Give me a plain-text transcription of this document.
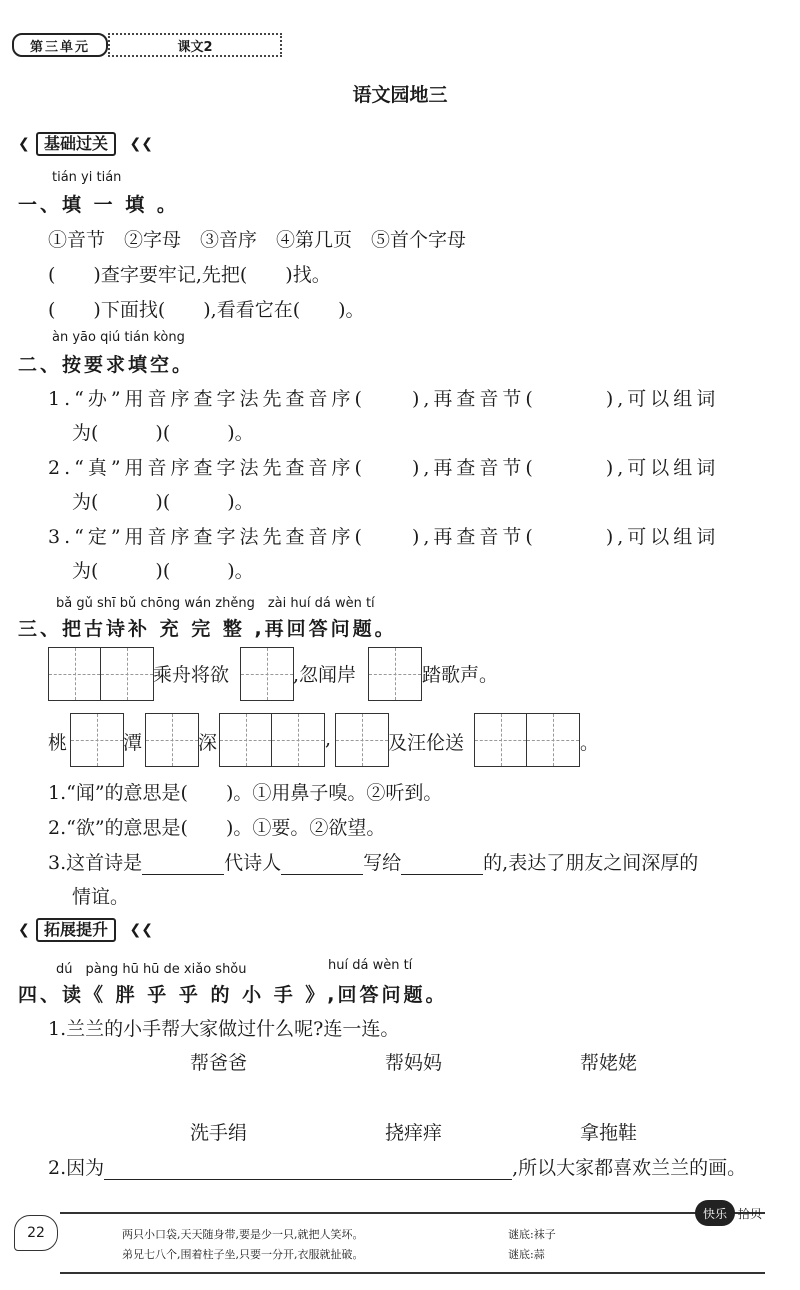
第三单元	课文2
语文园地三
❮ 基础过关	❮❮
tián yi tián
一、填 一 填 。
①音节　②字母　③音序　④第几页　⑤首个字母
(　　)查字要牢记,先把(　　)找。
(　　)下面找(　　),看看它在(　　)。
àn yāo qiú tián kòng
二、按要求填空。
1.“办”用音序查字法先查音序(　　),再查音节(　　　),可以组词
为(　　　)(　　　)。
2.“真”用音序查字法先查音序(　　),再查音节(　　　),可以组词
为(　　　)(　　　)。
3.“定”用音序查字法先查音序(　　),再查音节(　　　),可以组词
为(　　　)(　　　)。
bǎ gǔ shī bǔ chōng wán zhěng　zài huí dá wèn tí
三、把古诗补 充 完 整 ,再回答问题。
乘舟将欲	,忽闻岸	踏歌声。
桃	潭	深	,	及汪伦送	。
1.“闻”的意思是(　　)。①用鼻子嗅。②听到。
2.“欲”的意思是(　　)。①要。②欲望。
3.这首诗是	代诗人	写给	的,表达了朋友之间深厚的
情谊。
❮ 拓展提升	❮❮
dú　pàng hū hū de xiǎo shǒu	huí dá wèn tí
四、读《 胖 乎 乎 的 小 手 》,回答问题。
1.兰兰的小手帮大家做过什么呢?连一连。
帮爸爸	帮妈妈	帮姥姥
洗手绢	挠痒痒	拿拖鞋
2.因为	,所以大家都喜欢兰兰的画。
22	两只小口袋,天天随身带,要是少一只,就把人笑坏。	谜底:袜子
弟兄七八个,围着柱子坐,只要一分开,衣服就扯破。	谜底:蒜
快乐 拾贝
